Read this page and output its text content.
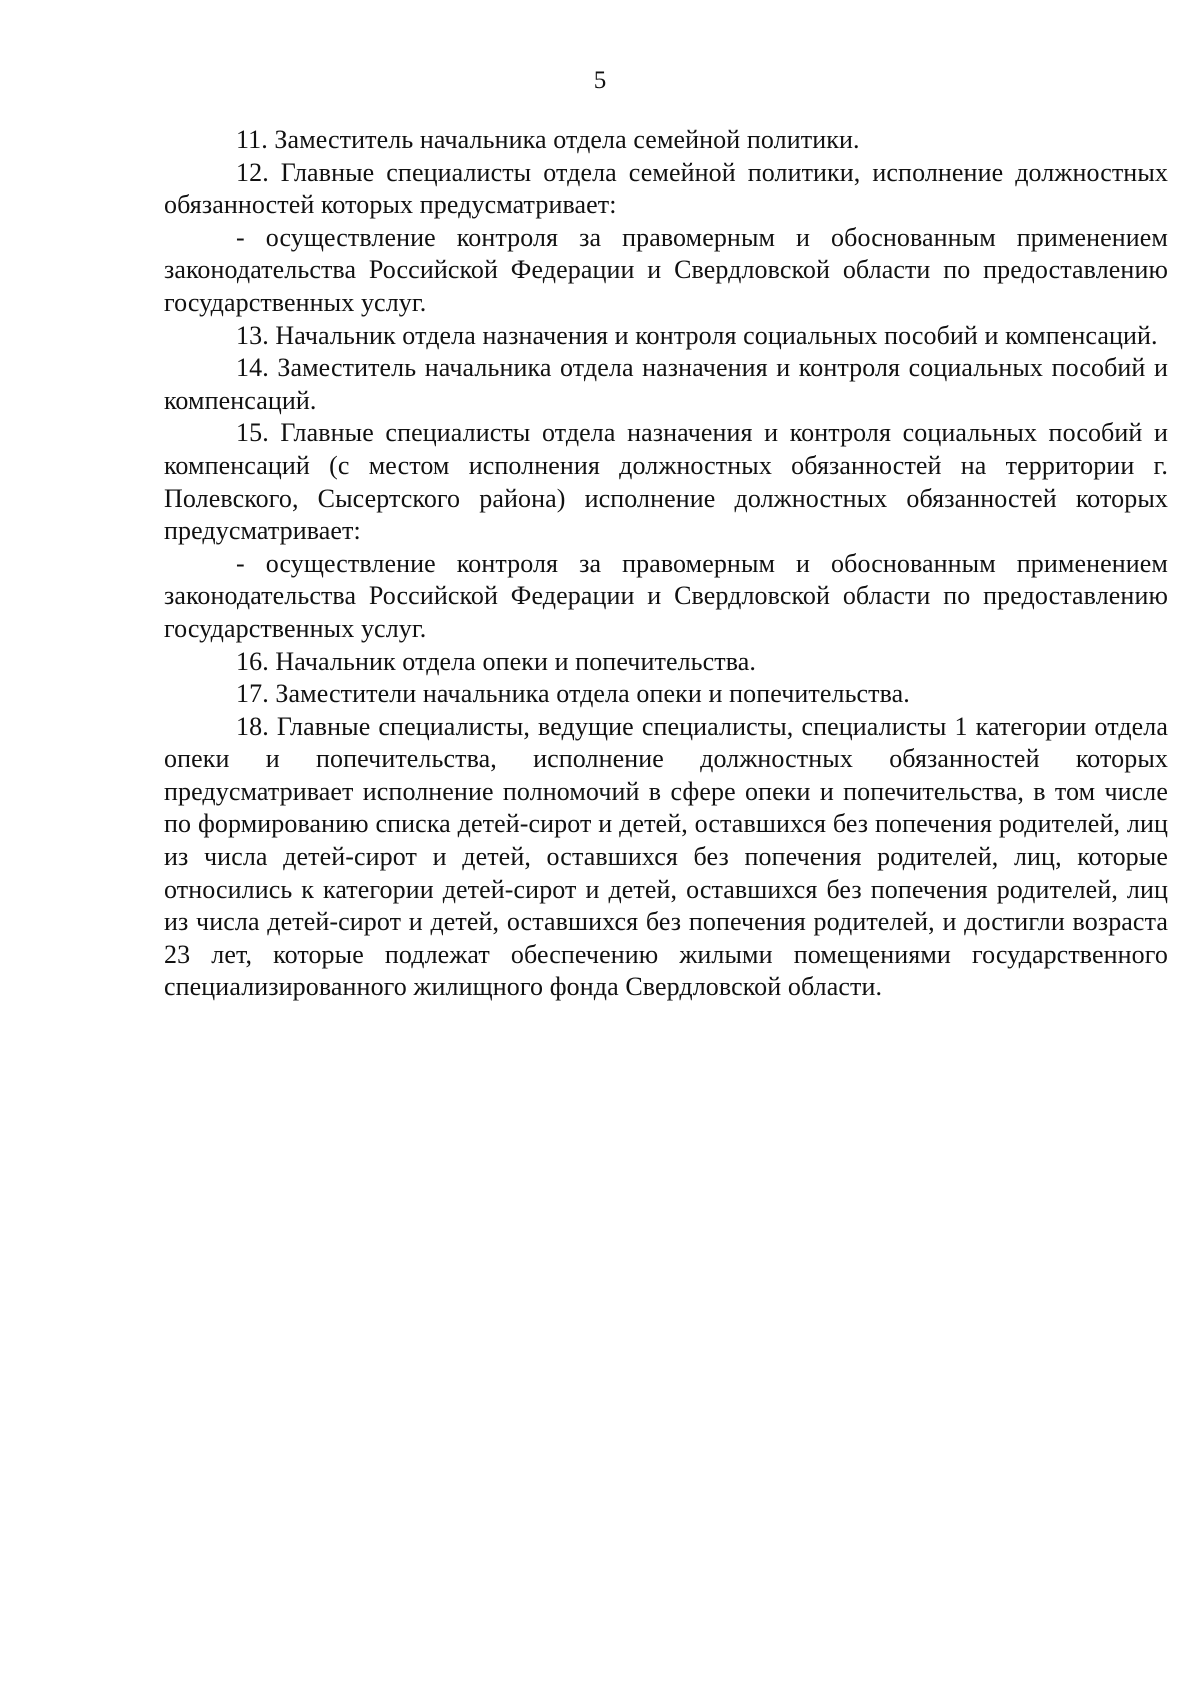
5

11. Заместитель начальника отдела семейной политики.

12. Главные специалисты отдела семейной политики, исполнение должностных обязанностей которых предусматривает:

- осуществление контроля за правомерным и обоснованным применением законодательства Российской Федерации и Свердловской области по предоставлению государственных услуг.

13. Начальник отдела назначения и контроля социальных пособий и компенсаций.

14. Заместитель начальника отдела назначения и контроля социальных пособий и компенсаций.

15. Главные специалисты отдела назначения и контроля социальных пособий и компенсаций (с местом исполнения должностных обязанностей на территории г. Полевского, Сысертского района) исполнение должностных обязанностей которых предусматривает:

- осуществление контроля за правомерным и обоснованным применением законодательства Российской Федерации и Свердловской области по предоставлению государственных услуг.

16. Начальник отдела опеки и попечительства.

17. Заместители начальника отдела опеки и попечительства.

18. Главные специалисты, ведущие специалисты, специалисты 1 категории отдела опеки и попечительства, исполнение должностных обязанностей которых предусматривает исполнение полномочий в сфере опеки и попечительства, в том числе по формированию списка детей-сирот и детей, оставшихся без попечения родителей, лиц из числа детей-сирот и детей, оставшихся без попечения родителей, лиц, которые относились к категории детей-сирот и детей, оставшихся без попечения родителей, лиц из числа детей-сирот и детей, оставшихся без попечения родителей, и достигли возраста 23 лет, которые подлежат обеспечению жилыми помещениями государственного специализированного жилищного фонда Свердловской области.
